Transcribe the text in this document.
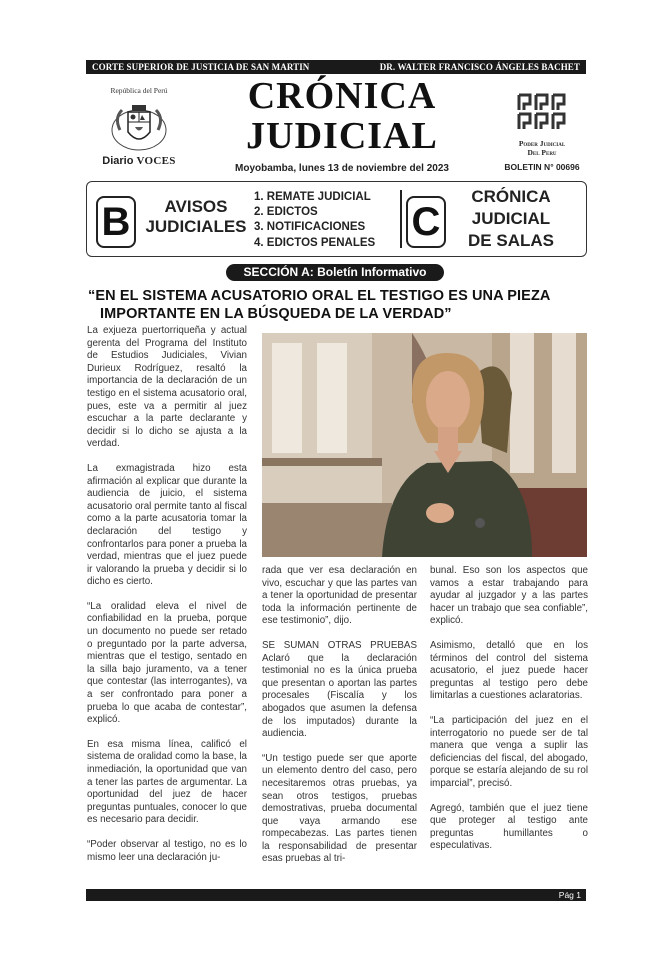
CORTE SUPERIOR DE JUSTICIA DE SAN MARTIN	DR. WALTER FRANCISCO ÁNGELES BACHET
República del Perú
Diario VOCES
CRÓNICA
JUDICIAL
Moyobamba, lunes 13 de noviembre del 2023
Poder Judicial
Del Peru
BOLETIN N° 00696
B	AVISOS
JUDICIALES
1. REMATE JUDICIAL
2. EDICTOS
3. NOTIFICACIONES
4. EDICTOS PENALES C
CRÓNICA
JUDICIAL
DE SALAS
SECCIÓN A: Boletín Informativo
“EN EL SISTEMA ACUSATORIO ORAL EL TESTIGO ES UNA PIEZA
IMPORTANTE EN LA BÚSQUEDA DE LA VERDAD”

La exjueza puertorriqueña y actual gerenta del Programa del Instituto de Estudios Judiciales, Vivian Durieux Rodríguez, resaltó la importancia de la declaración de un testigo en el sistema acusatorio oral, pues, este va a permitir al juez escuchar a la parte declarante y decidir si lo dicho se ajusta a la verdad.

La exmagistrada hizo esta afirmación al explicar que durante la audiencia de juicio, el sistema acusatorio oral permite tanto al fiscal como a la parte acusatoria tomar la declaración del testigo y confrontarlos para poner a prueba la verdad, mientras que el juez puede ir valorando la prueba y decidir si lo dicho es cierto.

“La oralidad eleva el nivel de confiabilidad en la prueba, porque un documento no puede ser retado o preguntado por la parte adversa, mientras que el testigo, sentado en la silla bajo juramento, va a tener que contestar (las interrogantes), va a ser confrontado para poner a prueba lo que acaba de contestar”, explicó.

En esa misma línea, calificó el sistema de oralidad como la base, la inmediación, la oportunidad que van a tener las partes de argumentar. La oportunidad del juez de hacer preguntas puntuales, conocer lo que es necesario para decidir.

“Poder observar al testigo, no es lo mismo leer una declaración ju-

rada que ver esa declaración en vivo, escuchar y que las partes van a tener la oportunidad de presentar toda la información pertinente de ese testimonio”, dijo.

SE SUMAN OTRAS PRUEBAS Aclaró que la declaración testimonial no es la única prueba que presentan o aportan las partes procesales (Fiscalía y los abogados que asumen la defensa de los imputados) durante la audiencia.

“Un testigo puede ser que aporte un elemento dentro del caso, pero necesitaremos otras pruebas, ya sean otros testigos, pruebas demostrativas, prueba documental que vaya armando ese rompecabezas. Las partes tienen la responsabilidad de presentar esas pruebas al tri-

bunal. Eso son los aspectos que vamos a estar trabajando para ayudar al juzgador y a las partes hacer un trabajo que sea confiable”, explicó.

Asimismo, detalló que en los términos del control del sistema acusatorio, el juez puede hacer preguntas al testigo pero debe limitarlas a cuestiones aclaratorias.

“La participación del juez en el interrogatorio no puede ser de tal manera que venga a suplir las deficiencias del fiscal, del abogado, porque se estaría alejando de su rol imparcial”, precisó.

Agregó, también que el juez tiene que proteger al testigo ante preguntas humillantes o especulativas.

Pág 1
